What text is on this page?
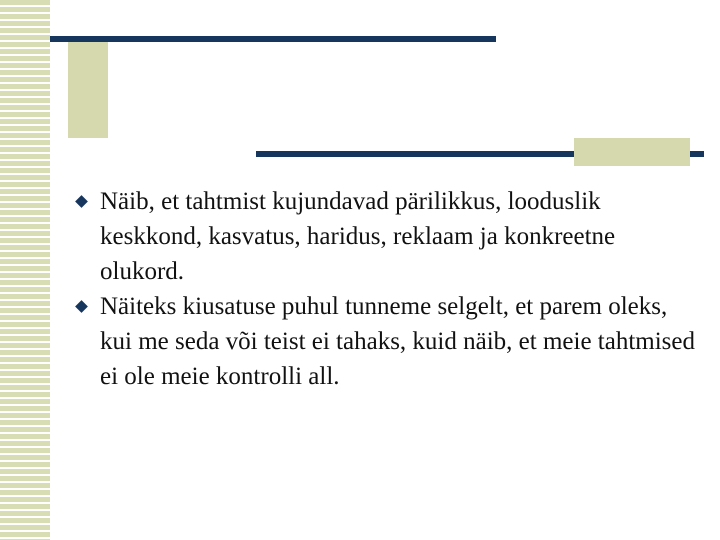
Näib, et tahtmist kujundavad pärilikkus, looduslik keskkond, kasvatus, haridus, reklaam ja konkreetne olukord.

Näiteks kiusatuse puhul tunneme selgelt, et parem oleks, kui me seda või teist ei tahaks, kuid näib, et meie tahtmised ei ole meie kontrolli all.
